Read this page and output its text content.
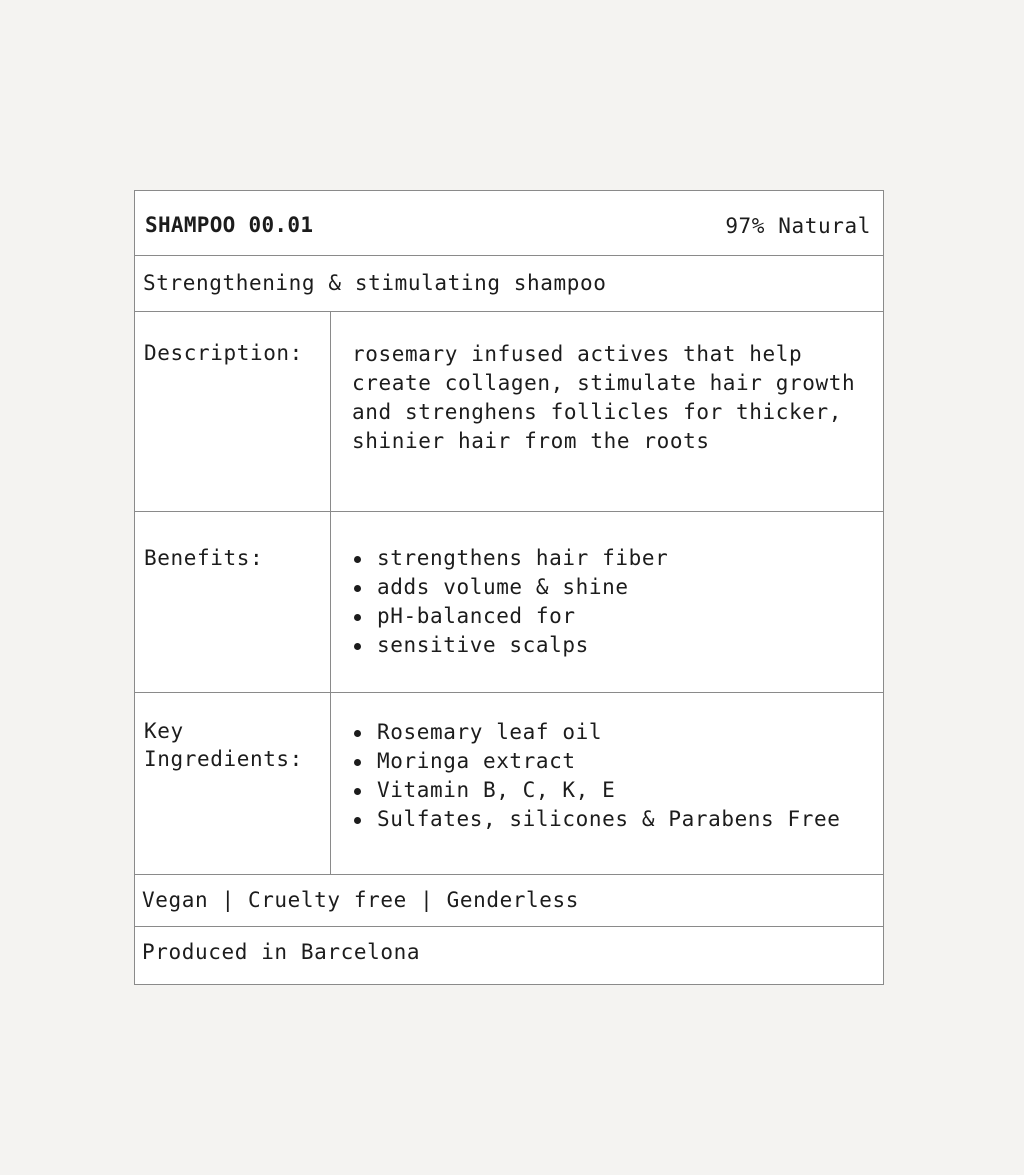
SHAMPOO 00.01	97% Natural
Strengthening & stimulating shampoo
Description: rosemary infused actives that help
create collagen, stimulate hair growth
and strenghens follicles for thicker,
shinier hair from the roots
Benefits:	strengthens hair fiber
adds volume & shine
pH-balanced for
sensitive scalps
Key
Ingredients:
Rosemary leaf oil
Moringa extract
Vitamin B, C, K, E
Sulfates, silicones & Parabens Free
Vegan | Cruelty free | Genderless
Produced in Barcelona
